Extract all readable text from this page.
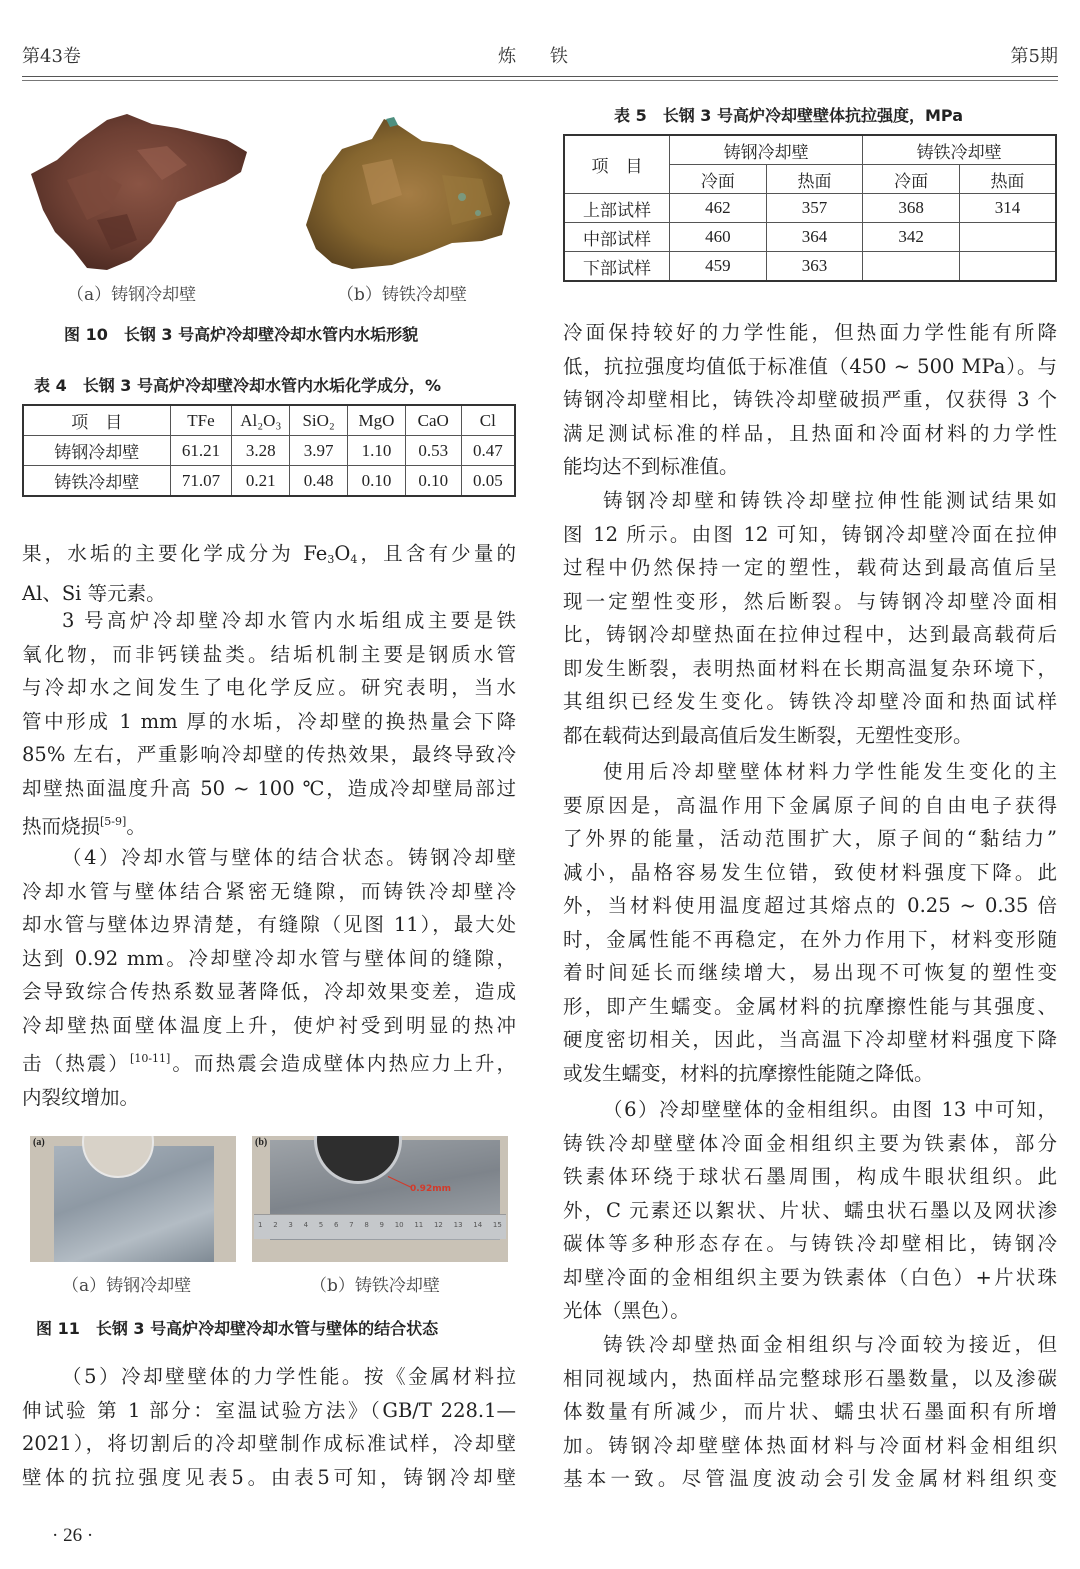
第43卷	炼 铁	第5期
（a）铸钢冷却壁	（b）铸铁冷却壁
图 10　长钢 3 号高炉冷却壁冷却水管内水垢形貌
表 4　长钢 3 号高炉冷却壁冷却水管内水垢化学成分，%
项　目	TFe	Al₂O₃	SiO₂	MgO	CaO	Cl
铸钢冷却壁	61.21	3.28	3.97	1.10	0.53	0.47
铸铁冷却壁	71.07	0.21	0.48	0.10	0.10	0.05
果，水垢的主要化学成分为 $Fe_3O_4$，且含有少量的
Al、Si 等元素。
3 号高炉冷却壁冷却水管内水垢组成主要是铁
氧化物，而非钙镁盐类。结垢机制主要是钢质水管
与冷却水之间发生了电化学反应。研究表明，当水
管中形成 1 mm 厚的水垢，冷却壁的换热量会下降
85% 左右，严重影响冷却壁的传热效果，最终导致冷
却壁热面温度升高 50 ~ 100 ℃，造成冷却壁局部过
热而烧损[5-9]。
（4）冷却水管与壁体的结合状态。铸钢冷却壁
冷却水管与壁体结合紧密无缝隙，而铸铁冷却壁冷
却水管与壁体边界清楚，有缝隙（见图 11），最大处
达到 0.92 mm。冷却壁冷却水管与壁体间的缝隙，
会导致综合传热系数显著降低，冷却效果变差，造成
冷却壁热面壁体温度上升，使炉衬受到明显的热冲
击（热震）[10-11]。而热震会造成壁体内热应力上升，
内裂纹增加。
(a)
0.92mm
1 2 3 4 5 6 7 8 9 10 11 12 13 14 15
(b)
（a）铸钢冷却壁	（b）铸铁冷却壁
图 11　长钢 3 号高炉冷却壁冷却水管与壁体的结合状态
（5）冷却壁壁体的力学性能。按《金属材料拉
伸试验 第 1 部分：室温试验方法》（GB/T 228.1—
2021），将切割后的冷却壁制作成标准试样，冷却壁
壁体的抗拉强度见表5。由表5可知，铸钢冷却壁
表 5　长钢 3 号高炉冷却壁壁体抗拉强度，MPa
项　目	铸钢冷却壁		铸铁冷却壁	
	冷面	热面	冷面	热面
上部试样	462	357	368	314
中部试样	460	364	342	
下部试样	459	363		
冷面保持较好的力学性能，但热面力学性能有所降
低，抗拉强度均值低于标准值（450 ~ 500 MPa）。与
铸钢冷却壁相比，铸铁冷却壁破损严重，仅获得 3 个
满足测试标准的样品，且热面和冷面材料的力学性
能均达不到标准值。
铸钢冷却壁和铸铁冷却壁拉伸性能测试结果如
图 12 所示。由图 12 可知，铸钢冷却壁冷面在拉伸
过程中仍然保持一定的塑性，载荷达到最高值后呈
现一定塑性变形，然后断裂。与铸钢冷却壁冷面相
比，铸钢冷却壁热面在拉伸过程中，达到最高载荷后
即发生断裂，表明热面材料在长期高温复杂环境下，
其组织已经发生变化。铸铁冷却壁冷面和热面试样
都在载荷达到最高值后发生断裂，无塑性变形。
使用后冷却壁壁体材料力学性能发生变化的主
要原因是，高温作用下金属原子间的自由电子获得
了外界的能量，活动范围扩大，原子间的“黏结力”
减小，晶格容易发生位错，致使材料强度下降。此
外，当材料使用温度超过其熔点的 0.25 ~ 0.35 倍
时，金属性能不再稳定，在外力作用下，材料变形随
着时间延长而继续增大，易出现不可恢复的塑性变
形，即产生蠕变。金属材料的抗摩擦性能与其强度、
硬度密切相关，因此，当高温下冷却壁材料强度下降
或发生蠕变，材料的抗摩擦性能随之降低。
（6）冷却壁壁体的金相组织。由图 13 中可知，
铸铁冷却壁壁体冷面金相组织主要为铁素体，部分
铁素体环绕于球状石墨周围，构成牛眼状组织。此
外，C 元素还以絮状、片状、蠕虫状石墨以及网状渗
碳体等多种形态存在。与铸铁冷却壁相比，铸钢冷
却壁冷面的金相组织主要为铁素体（白色）+片状珠
光体（黑色）。
铸铁冷却壁热面金相组织与冷面较为接近，但
相同视域内，热面样品完整球形石墨数量，以及渗碳
体数量有所减少，而片状、蠕虫状石墨面积有所增
加。铸钢冷却壁壁体热面材料与冷面材料金相组织
基本一致。尽管温度波动会引发金属材料组织变
· 26 ·
